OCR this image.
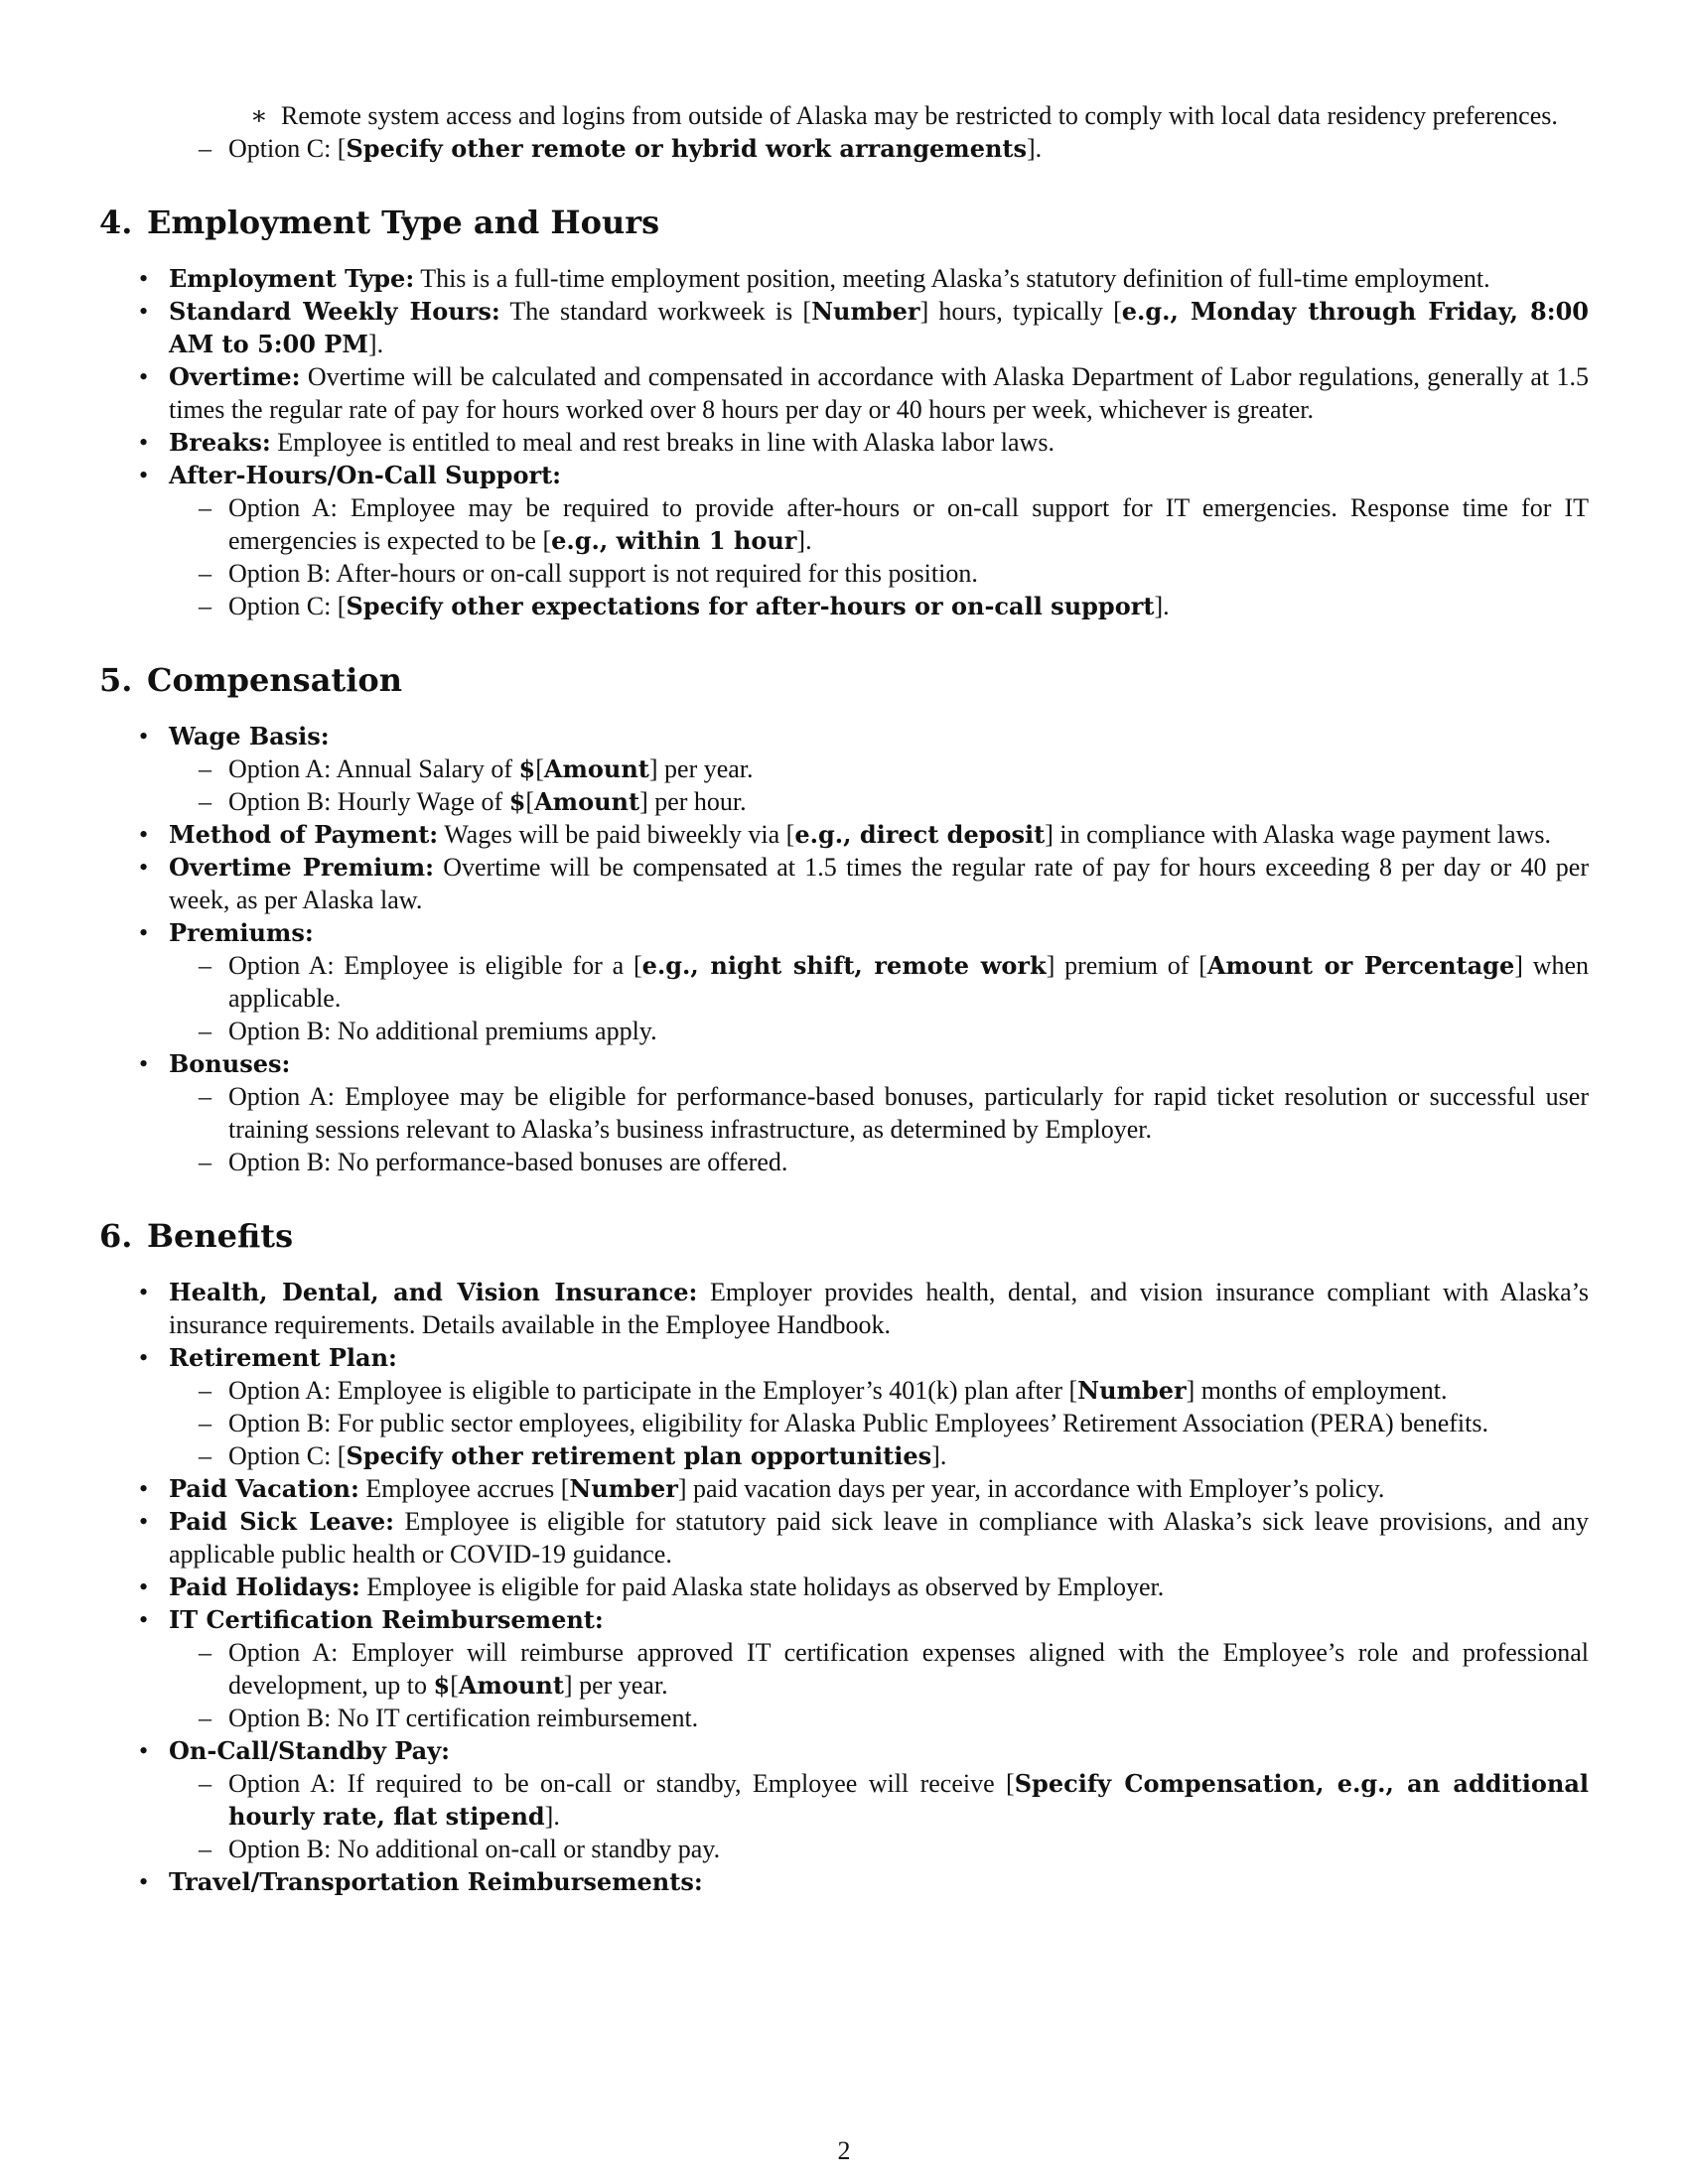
∗ Remote system access and logins from outside of Alaska may be restricted to comply with local data residency preferences.
– Option C: [Specify other remote or hybrid work arrangements].
4. Employment Type and Hours
• Employment Type: This is a full-time employment position, meeting Alaska’s statutory definition of full-time employment.
• Standard Weekly Hours: The standard workweek is [Number] hours, typically [e.g., Monday through Friday, 8:00 AM to 5:00 PM].
• Overtime: Overtime will be calculated and compensated in accordance with Alaska Department of Labor regulations, generally at 1.5 times the regular rate of pay for hours worked over 8 hours per day or 40 hours per week, whichever is greater.
• Breaks: Employee is entitled to meal and rest breaks in line with Alaska labor laws.
• After-Hours/On-Call Support:
– Option A: Employee may be required to provide after-hours or on-call support for IT emergencies. Response time for IT emergencies is expected to be [e.g., within 1 hour].
– Option B: After-hours or on-call support is not required for this position.
– Option C: [Specify other expectations for after-hours or on-call support].
5. Compensation
• Wage Basis:
– Option A: Annual Salary of $[Amount] per year.
– Option B: Hourly Wage of $[Amount] per hour.
• Method of Payment: Wages will be paid biweekly via [e.g., direct deposit] in compliance with Alaska wage payment laws.
• Overtime Premium: Overtime will be compensated at 1.5 times the regular rate of pay for hours exceeding 8 per day or 40 per week, as per Alaska law.
• Premiums:
– Option A: Employee is eligible for a [e.g., night shift, remote work] premium of [Amount or Percentage] when applicable.
– Option B: No additional premiums apply.
• Bonuses:
– Option A: Employee may be eligible for performance-based bonuses, particularly for rapid ticket resolution or successful user training sessions relevant to Alaska’s business infrastructure, as determined by Employer.
– Option B: No performance-based bonuses are offered.
6. Benefits
• Health, Dental, and Vision Insurance: Employer provides health, dental, and vision insurance compliant with Alaska’s insurance requirements. Details available in the Employee Handbook.
• Retirement Plan:
– Option A: Employee is eligible to participate in the Employer’s 401(k) plan after [Number] months of employment.
– Option B: For public sector employees, eligibility for Alaska Public Employees’ Retirement Association (PERA) benefits.
– Option C: [Specify other retirement plan opportunities].
• Paid Vacation: Employee accrues [Number] paid vacation days per year, in accordance with Employer’s policy.
• Paid Sick Leave: Employee is eligible for statutory paid sick leave in compliance with Alaska’s sick leave provisions, and any applicable public health or COVID-19 guidance.
• Paid Holidays: Employee is eligible for paid Alaska state holidays as observed by Employer.
• IT Certification Reimbursement:
– Option A: Employer will reimburse approved IT certification expenses aligned with the Employee’s role and professional development, up to $[Amount] per year.
– Option B: No IT certification reimbursement.
• On-Call/Standby Pay:
– Option A: If required to be on-call or standby, Employee will receive [Specify Compensation, e.g., an additional hourly rate, flat stipend].
– Option B: No additional on-call or standby pay.
• Travel/Transportation Reimbursements:
2
